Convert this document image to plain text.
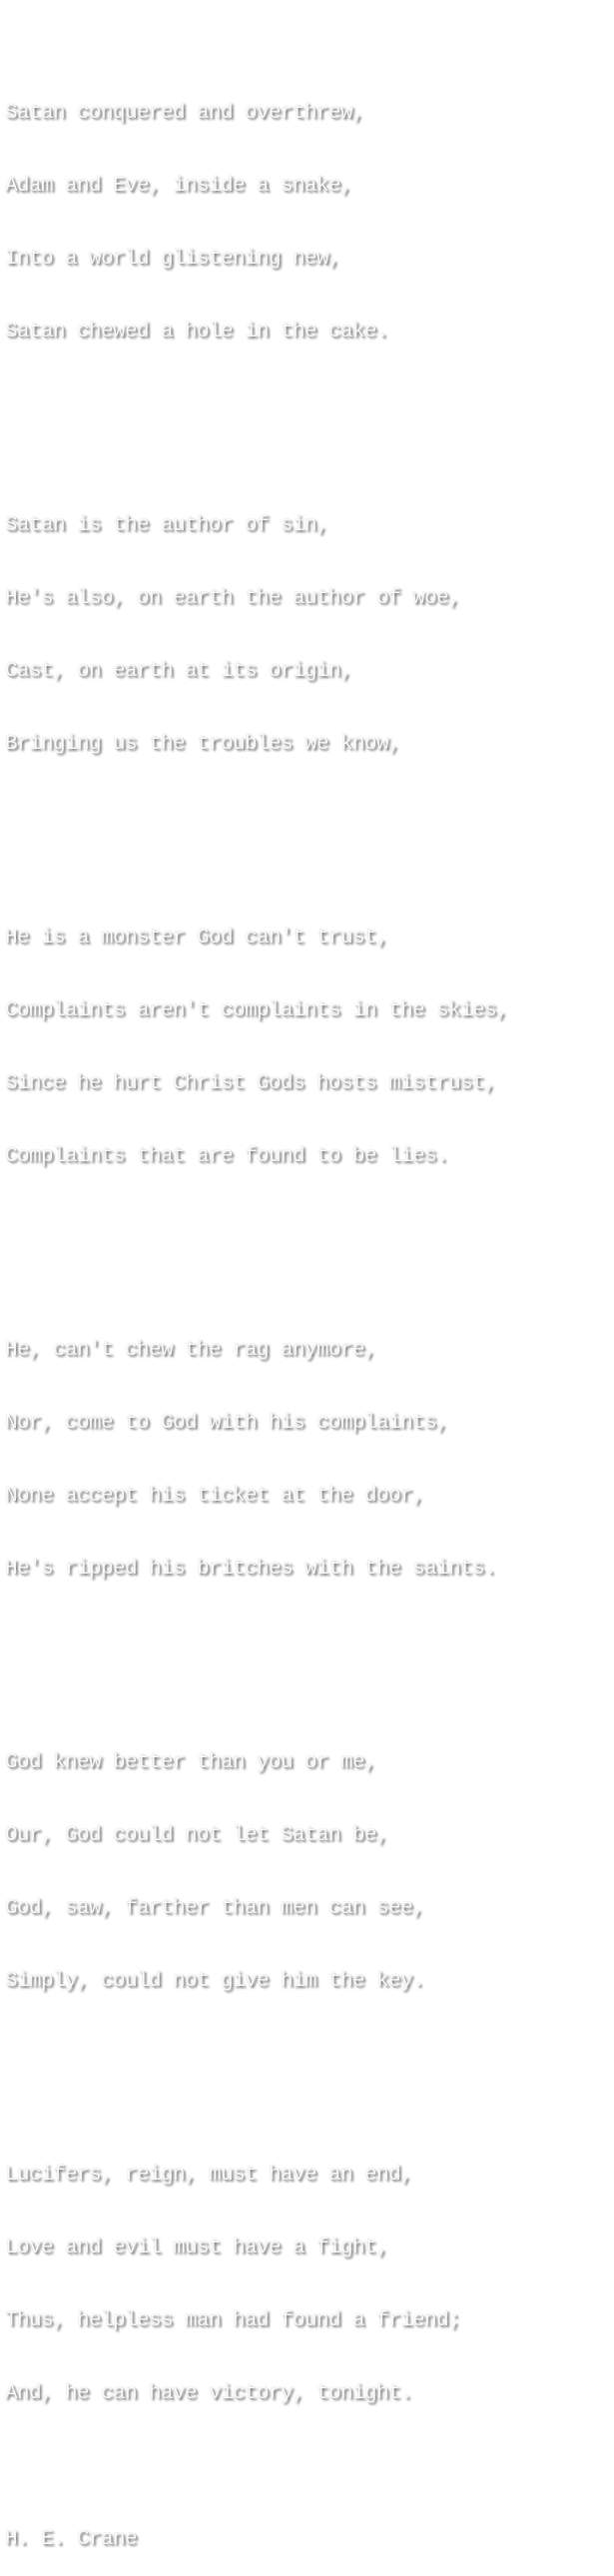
Satan conquered and overthrew,

Adam and Eve, inside a snake,

Into a world glistening new,

Satan chewed a hole in the cake.

Satan is the author of sin,

He's also, on earth the author of woe,

Cast, on earth at its origin,

Bringing us the troubles we know,

He is a monster God can't trust,

Complaints aren't complaints in the skies,

Since he hurt Christ Gods hosts mistrust,

Complaints that are found to be lies.

He, can't chew the rag anymore,

Nor, come to God with his complaints,

None accept his ticket at the door,

He's ripped his britches with the saints.

God knew better than you or me,

Our, God could not let Satan be,

God, saw, farther than men can see,

Simply, could not give him the key.

Lucifers, reign, must have an end,

Love and evil must have a fight,

Thus, helpless man had found a friend;

And, he can have victory, tonight.

H. E. Crane
